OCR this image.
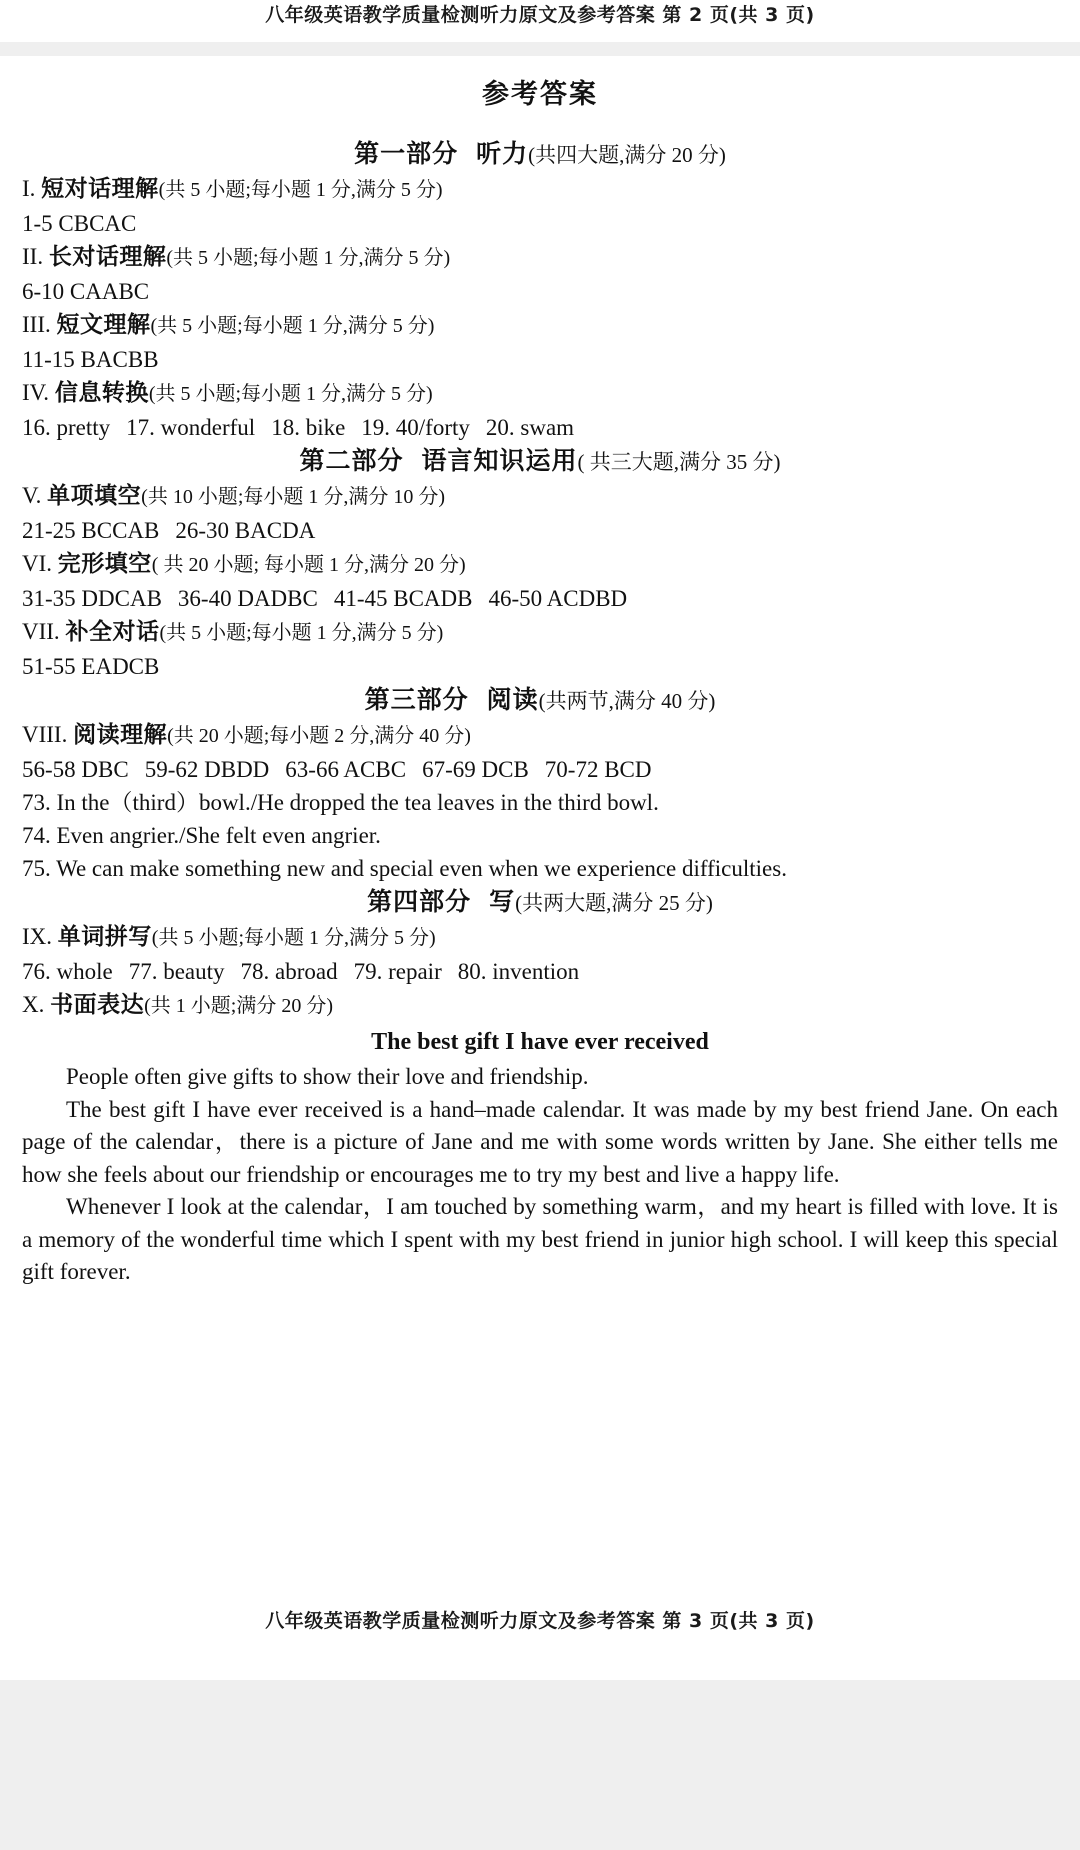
八年级英语教学质量检测听力原文及参考答案 第 2 页(共 3 页)
参考答案
第一部分 听力(共四大题,满分 20 分)
I. 短对话理解(共 5 小题;每小题 1 分,满分 5 分)
1-5 CBCAC
II. 长对话理解(共 5 小题;每小题 1 分,满分 5 分)
6-10 CAABC
III. 短文理解(共 5 小题;每小题 1 分,满分 5 分)
11-15 BACBB
IV. 信息转换(共 5 小题;每小题 1 分,满分 5 分)
16. pretty 17. wonderful 18. bike 19. 40/forty 20. swam
第二部分 语言知识运用( 共三大题,满分 35 分)
V. 单项填空(共 10 小题;每小题 1 分,满分 10 分)
21-25 BCCAB 26-30 BACDA
VI. 完形填空( 共 20 小题; 每小题 1 分,满分 20 分)
31-35 DDCAB 36-40 DADBC 41-45 BCADB 46-50 ACDBD
VII. 补全对话(共 5 小题;每小题 1 分,满分 5 分)
51-55 EADCB
第三部分 阅读(共两节,满分 40 分)
VIII. 阅读理解(共 20 小题;每小题 2 分,满分 40 分)
56-58 DBC 59-62 DBDD 63-66 ACBC 67-69 DCB 70-72 BCD
73. In the（third）bowl./He dropped the tea leaves in the third bowl.
74. Even angrier./She felt even angrier.
75. We can make something new and special even when we experience difficulties.
第四部分 写(共两大题,满分 25 分)
IX. 单词拼写(共 5 小题;每小题 1 分,满分 5 分)
76. whole 77. beauty 78. abroad 79. repair 80. invention
X. 书面表达(共 1 小题;满分 20 分)
The best gift I have ever received
People often give gifts to show their love and friendship.
The best gift I have ever received is a hand–made calendar. It was made by my best friend Jane. On each page of the calendar，there is a picture of Jane and me with some words written by Jane. She either tells me how she feels about our friendship or encourages me to try my best and live a happy life.
Whenever I look at the calendar，I am touched by something warm，and my heart is filled with love. It is a memory of the wonderful time which I spent with my best friend in junior high school. I will keep this special gift forever.
八年级英语教学质量检测听力原文及参考答案 第 3 页(共 3 页)
